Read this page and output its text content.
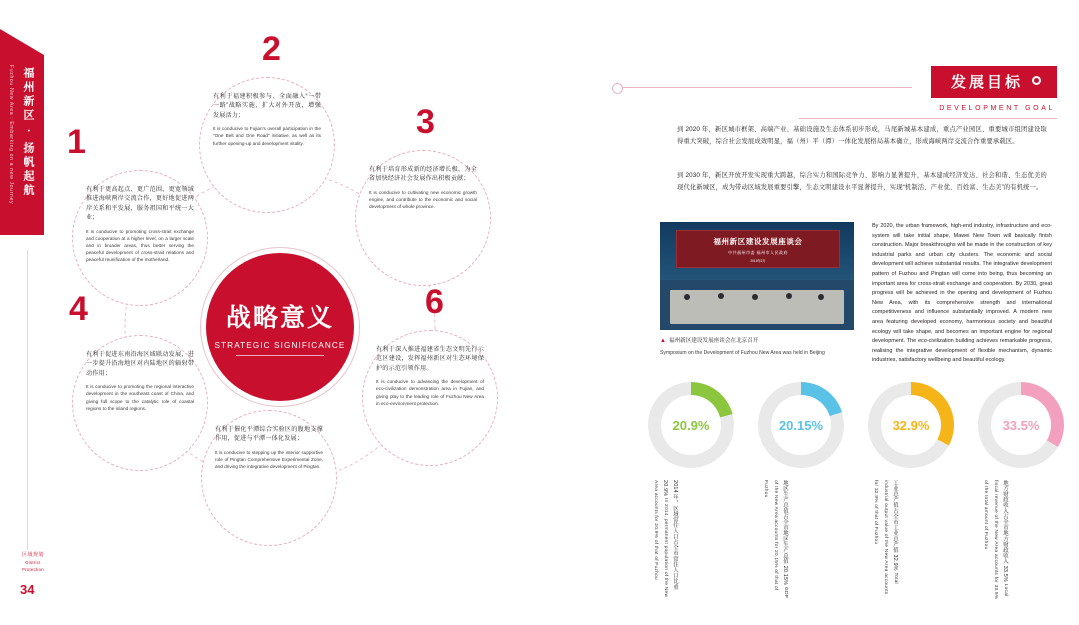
Fuzhou New Area : Embarking on a new Journey 福州新区 · 扬帆起航
区域规划
District Protection
34
战略意义
STRATEGIC SIGNIFICANCE
1
有利于更高起点、更广范围、更宽领域推进海峡两岸交流合作，更好地促进两岸关系和平发展，服务祖国和平统一大业；
It is conducive to promoting cross-strait exchange and cooperation at a higher level, on a larger scale and in broader areas, thus better serving the peaceful development of cross-strait relations and peaceful reunification of the motherland.
2
有利于福建积极参与、全面融入“一带一路”战略实施，扩大对外开放，增强发展活力；
It is conducive to Fujian's overall participation in the "One Belt and One Road" initiative, as well as its further opening-up and development vitality.
3
有利于培育形成新的经济增长极，为全省加快经济社会发展作出积极贡献；
It is conducive to cultivating new economic growth engine, and contribute to the economic and social development of whole province.
4
有利于促进东南沿海区域联动发展，进一步提升沿海地区对内陆地区的辐射带动作用；
It is conducive to promoting the regional interactive development in the southeast coast of China, and giving full scope to the catalytic role of coastal regions to the inland regions.
5
有利于催化平潭综合实验区的腹地支撑作用，促进与平潭一体化发展；
It is conducive to stepping up the interior supportive role of Pingtan Comprehensive Experimental Zone, and driving the integrative development of Pingtan.
6
有利于深入推进福建省生态文明先行示范区建设，发挥福州新区对生态环境保护的示范引领作用。
It is conducive to advancing the development of eco-civilization demonstration area in Fujian, and giving play to the leading role of Fuzhou New Area in eco-environment protection.
发展目标
DEVELOPMENT GOAL
到 2020 年，新区城市框架、高端产业、基础设施及生态体系初步形成，马尾新城基本建成，重点产业园区、重要城市组团建设取得重大突破，综合社会发展成效明显，福（州）平（潭）一体化发展格局基本确立，形成海峡两岸交流合作重要承载区。
到 2030 年，新区开放开发实现重大跨越，综合实力和国际竞争力、影响力显著提升，基本建成经济发达、社会和谐、生态优美的现代化新城区，成为带动区域发展重要引擎，生态文明建设水平显著提升，实现“机制活、产业优、百姓富、生态美”的有机统一。
福州新区建设发展座谈会
中共福州市委 福州市人民政府
2015年2月
▲ 福州新区建设发展座谈会在北京召开
Symposium on the Development of Fuzhou New Area was held in Beijing
By 2020, the urban framework, high-end industry, infrastructure and eco-system will take initial shape, Mawei New Town will basically finish construction. Major breakthroughs will be made in the construction of key industrial parks and urban city clusters. The economic and social development will achieve substantial results. The integrative development pattern of Fuzhou and Pingtan will come into being, thus becoming an important area for cross-strait exchange and cooperation. By 2030, great progress will be achieved in the opening and development of Fuzhou New Area, with its comprehensive strength and international competitiveness and influence substantially improved. A modern new area featuring developed economy, harmonious society and beautiful ecology will take shape, and becomes an important engine for regional development. The eco-civilization building achieves remarkable progress, realising the integrative development of flexible mechanism, dynamic industries, satisfactory wellbeing and beautiful ecology.
20.9%	20.15%	32.9%	33.5%
2014 年，区域常住人口占全市常住人口比重 20.9% In 2014, permanent population of the New Area accounts for 20.9% of that of Fuzhou	地区生产总值占全市地区生产总值 20.15% GDP of the New Area accounts for 20.15% of that of Fuzhou	工业总产值占全市工业总产值 32.9% Total industrial output value of the New Area accounts for 32.9% of that of Fuzhou	地方财政收入占全市地方财政收入 33.5% Local fiscal revenue of the New Area accounts for 33.5% of the total amount of Fuzhou
